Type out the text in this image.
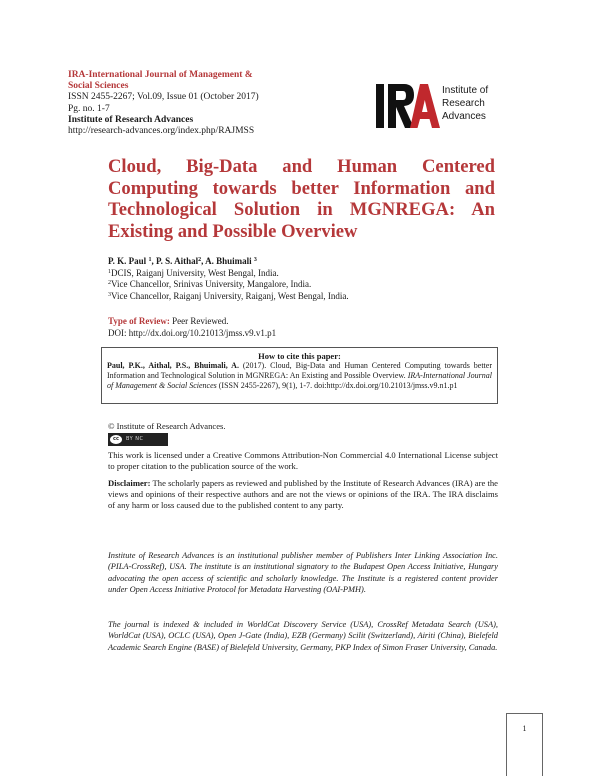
IRA-International Journal of Management &
Social Sciences
ISSN 2455-2267; Vol.09, Issue 01 (October 2017)
Pg. no. 1-7
Institute of Research Advances
http://research-advances.org/index.php/RAJMSS
Institute of
Research
Advances
Cloud, Big-Data and Human Centered
Computing towards better Information and
Technological Solution in MGNREGA: An
Existing and Possible Overview
P. K. Paul $^1$, P. S. Aithal$^2$, A. Bhuimali $^3$
$^1$DCIS, Raiganj University, West Bengal, India.
$^2$Vice Chancellor, Srinivas University, Mangalore, India.
$^3$Vice Chancellor, Raiganj University, Raiganj, West Bengal, India.
Type of Review: Peer Reviewed.
DOI: http://dx.doi.org/10.21013/jmss.v9.v1.p1
How to cite this paper:
Paul, P.K., Aithal, P.S., Bhuimali, A. (2017). Cloud, Big-Data and Human Centered Computing towards better Information and Technological Solution in MGNREGA: An Existing and Possible Overview. IRA-International Journal of Management & Social Sciences (ISSN 2455-2267), 9(1), 1-7. doi:http://dx.doi.org/10.21013/jmss.v9.n1.p1

© Institute of Research Advances.

cc	BY NC

This work is licensed under a Creative Commons Attribution-Non Commercial 4.0 International License subject to proper citation to the publication source of the work.

Disclaimer: The scholarly papers as reviewed and published by the Institute of Research Advances (IRA) are the views and opinions of their respective authors and are not the views or opinions of the IRA. The IRA disclaims of any harm or loss caused due to the published content to any party.
Institute of Research Advances is an institutional publisher member of Publishers Inter Linking Association Inc. (PILA-CrossRef), USA. The institute is an institutional signatory to the Budapest Open Access Initiative, Hungary advocating the open access of scientific and scholarly knowledge. The Institute is a registered content provider under Open Access Initiative Protocol for Metadata Harvesting (OAI-PMH).
The journal is indexed & included in WorldCat Discovery Service (USA), CrossRef Metadata Search (USA), WorldCat (USA), OCLC (USA), Open J-Gate (India), EZB (Germany) Scilit (Switzerland), Airiti (China), Bielefeld Academic Search Engine (BASE) of Bielefeld University, Germany, PKP Index of Simon Fraser University, Canada.
1
